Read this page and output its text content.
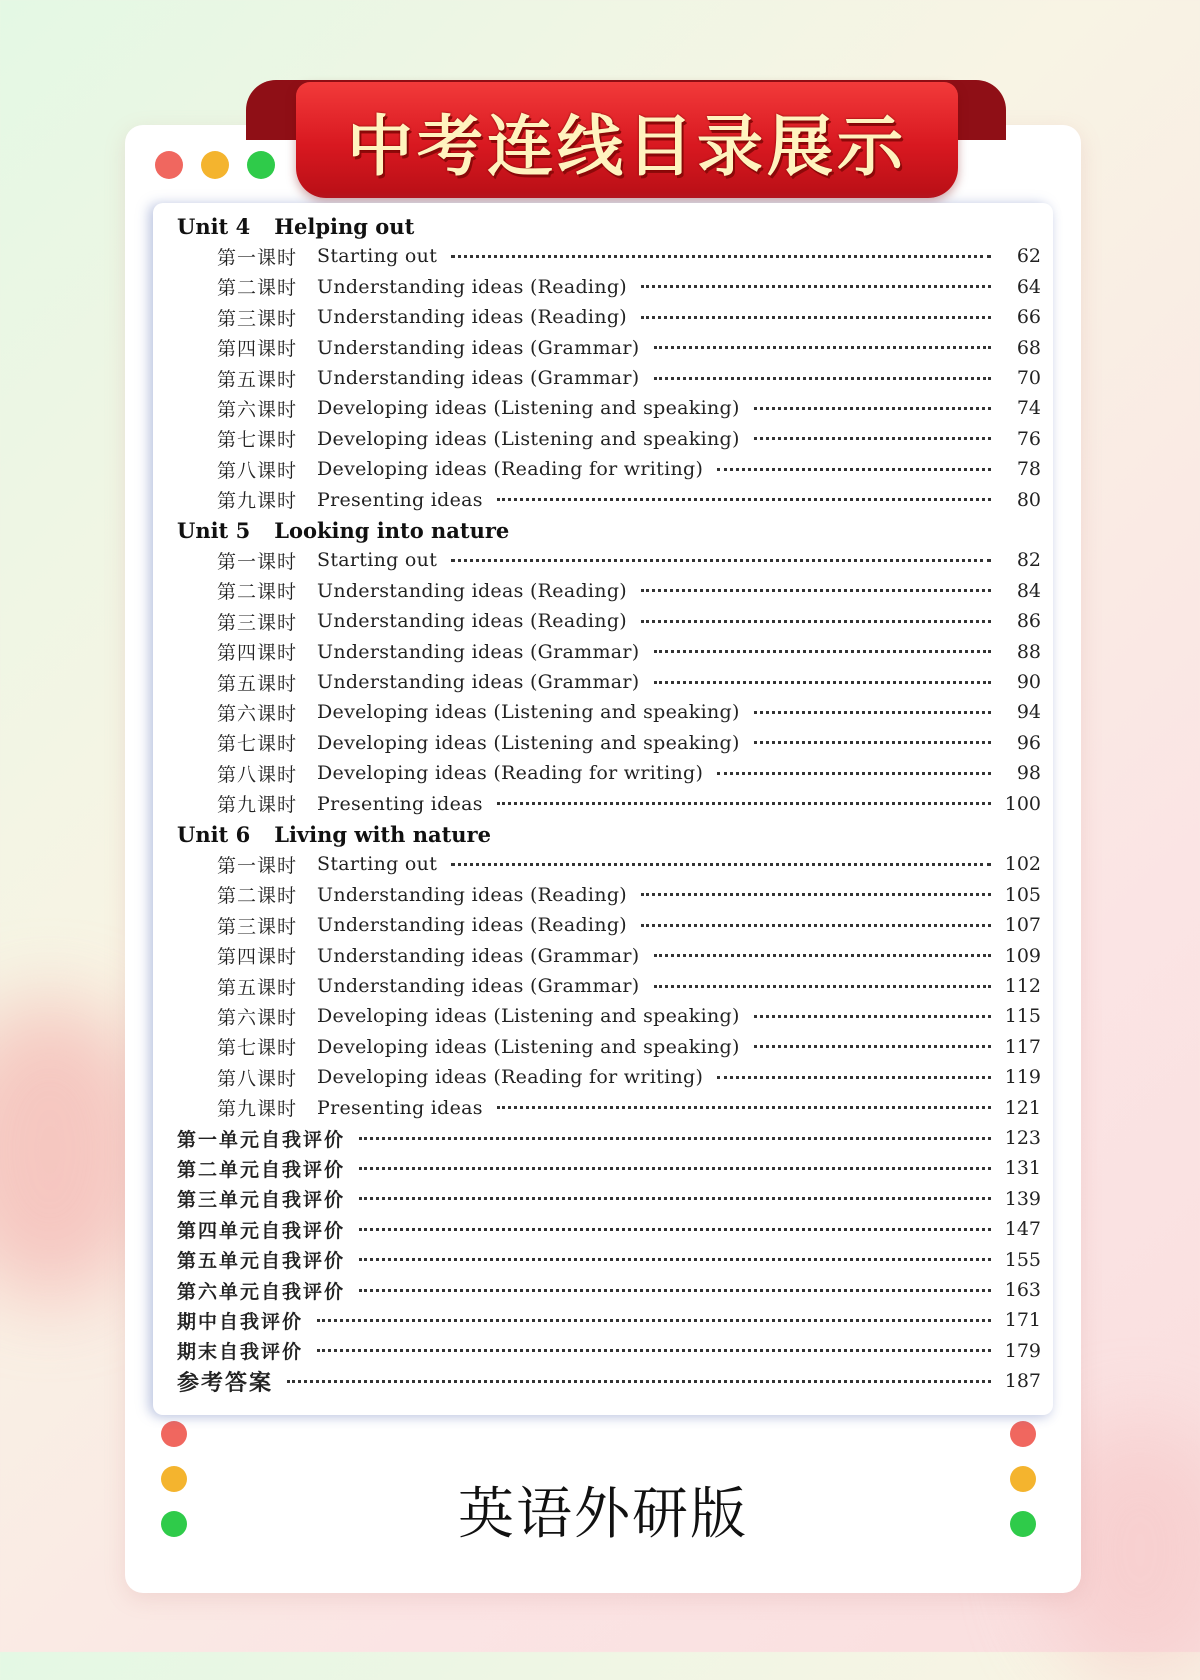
英语外研版
中考连线目录展示
Unit 4 Helping out
第一课时	Starting out	62
第二课时	Understanding ideas (Reading)	64
第三课时	Understanding ideas (Reading)	66
第四课时	Understanding ideas (Grammar)	68
第五课时	Understanding ideas (Grammar)	70
第六课时	Developing ideas (Listening and speaking)	74
第七课时	Developing ideas (Listening and speaking)	76
第八课时	Developing ideas (Reading for writing)	78
第九课时	Presenting ideas	80
Unit 5 Looking into nature
第一课时	Starting out	82
第二课时	Understanding ideas (Reading)	84
第三课时	Understanding ideas (Reading)	86
第四课时	Understanding ideas (Grammar)	88
第五课时	Understanding ideas (Grammar)	90
第六课时	Developing ideas (Listening and speaking)	94
第七课时	Developing ideas (Listening and speaking)	96
第八课时	Developing ideas (Reading for writing)	98
第九课时	Presenting ideas	100
Unit 6 Living with nature
第一课时	Starting out	102
第二课时	Understanding ideas (Reading)	105
第三课时	Understanding ideas (Reading)	107
第四课时	Understanding ideas (Grammar)	109
第五课时	Understanding ideas (Grammar)	112
第六课时	Developing ideas (Listening and speaking)	115
第七课时	Developing ideas (Listening and speaking)	117
第八课时	Developing ideas (Reading for writing)	119
第九课时	Presenting ideas	121
第一单元自我评价	123
第二单元自我评价	131
第三单元自我评价	139
第四单元自我评价	147
第五单元自我评价	155
第六单元自我评价	163
期中自我评价	171
期末自我评价	179
参考答案	187
